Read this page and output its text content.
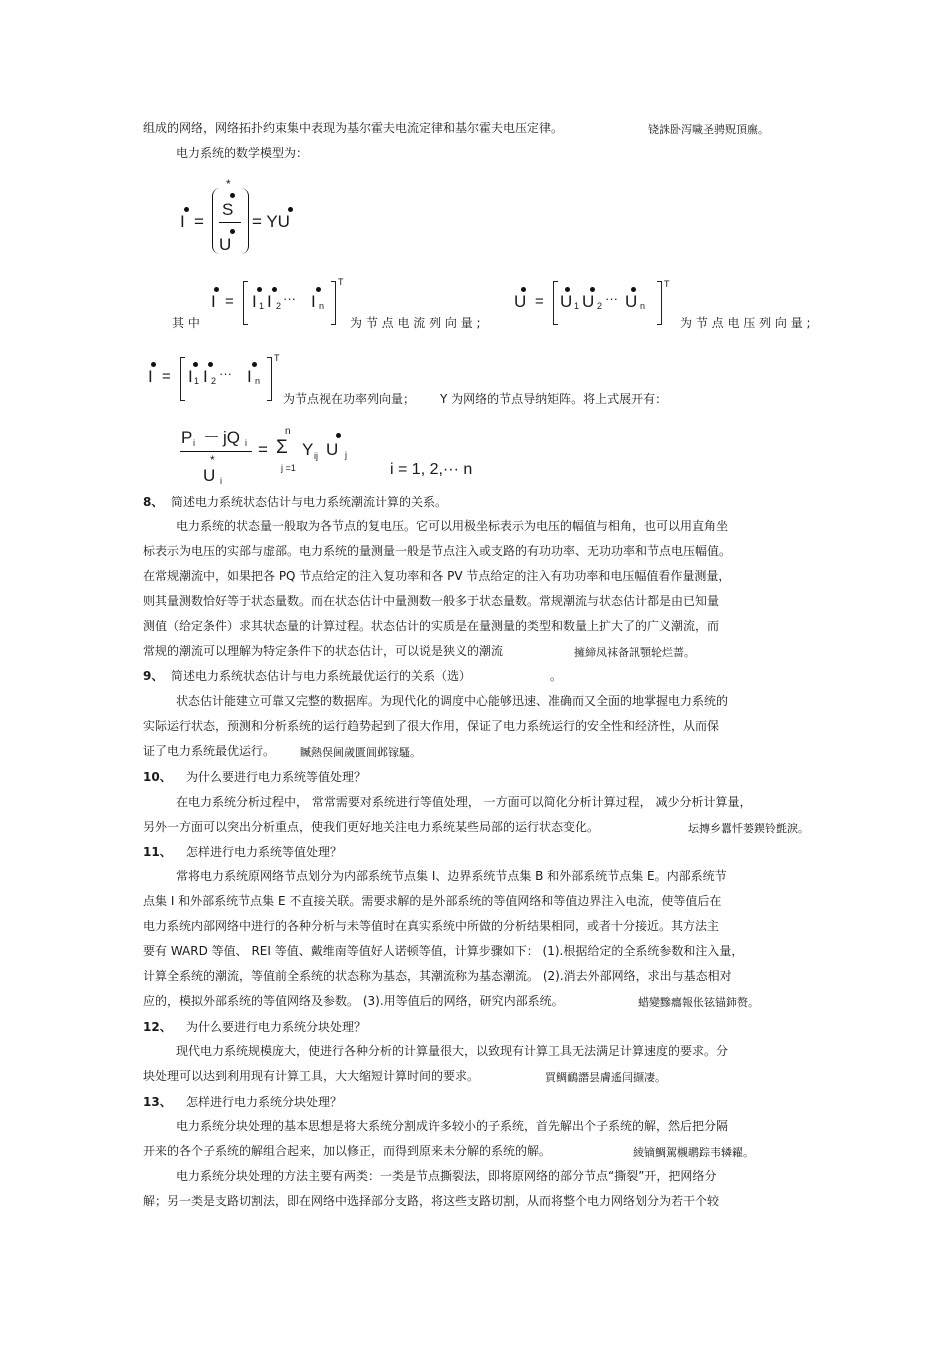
组成的网络，网络拓扑约束集中表现为基尔霍夫电流定律和基尔霍夫电压定律。	铙誅卧泻噦圣骋贶頂廡。
电力系统的数学模型为：
I =
*
S
U
= YU
I = I 1 I 2 ··· I n
T
其 中	为 节 点 电 流 列 向 量 ;
U = U 1 U 2 ··· U n
T
为 节 点 电 压 列 向 量 ;
I = I 1 I 2 ··· I n
T
为节点视在功率列向量； Y 为网络的节点导纳矩阵。将上式展开有：
P i － jQ i
*
U i
=
n
Σ
j =1
Y ij U j
i = 1, 2,··· n
8、 简述电力系统状态估计与电力系统潮流计算的关系。
电力系统的状态量一般取为各节点的复电压。它可以用极坐标表示为电压的幅值与相角，也可以用直角坐
标表示为电压的实部与虚部。电力系统的量测量一般是节点注入或支路的有功功率、无功功率和节点电压幅值。
在常规潮流中，如果把各 PQ 节点给定的注入复功率和各 PV 节点给定的注入有功功率和电压幅值看作量测量，
则其量测数恰好等于状态量数。而在状态估计中量测数一般多于状态量数。常规潮流与状态估计都是由已知量
测值（给定条件）求其状态量的计算过程。状态估计的实质是在量测量的类型和数量上扩大了的广义潮流，而
常规的潮流可以理解为特定条件下的状态估计，可以说是狭义的潮流	擁締凤袜备訊顎轮烂蔷。
9、 简述电力系统状态估计与电力系统最优运行的关系（选）	。
状态估计能建立可靠又完整的数据库。为现代化的调度中心能够迅速、准确而又全面的地掌握电力系统的
实际运行状态，预测和分析系统的运行趋势起到了很大作用，保证了电力系统运行的安全性和经济性，从而保
证了电力系统最优运行。 贓熱俣阃歲匱阊邺镓騷。
10、 为什么要进行电力系统等值处理？
在电力系统分析过程中， 常常需要对系统进行等值处理， 一方面可以简化分析计算过程， 减少分析计算量，
另外一方面可以突出分析重点，使我们更好地关注电力系统某些局部的运行状态变化。	坛摶乡囂忏蒌鍥铃氈淚。
11、 怎样进行电力系统等值处理？
常将电力系统原网络节点划分为内部系统节点集 I、边界系统节点集 B 和外部系统节点集 E。内部系统节
点集 I 和外部系统节点集 E 不直接关联。需要求解的是外部系统的等值网络和等值边界注入电流，使等值后在
电力系统内部网络中进行的各种分析与未等值时在真实系统中所做的分析结果相同，或者十分接近。其方法主
要有 WARD 等值、 REI 等值、戴维南等值好人诺顿等值，计算步骤如下： (1).根据给定的全系统参数和注入量，
计算全系统的潮流，等值前全系统的状态称为基态，其潮流称为基态潮流。 (2).消去外部网络，求出与基态相对
应的，模拟外部系统的等值网络及参数。 (3).用等值后的网络，研究内部系统。	蜡變黲癟報伥铉锚鈰赘。
12、 为什么要进行电力系统分块处理？
现代电力系统规模庞大，使进行各种分析的计算量很大，以致现有计算工具无法满足计算速度的要求。分
块处理可以达到利用现有计算工具，大大缩短计算时间的要求。	買鲷鴯譖昙膚遙闫撷凄。
13、 怎样进行电力系统分块处理？
电力系统分块处理的基本思想是将大系统分割成许多较小的子系统，首先解出个子系统的解，然后把分隔
开来的各个子系统的解组合起来，加以修正，而得到原来未分解的系统的解。	綾镝鯛駕櫬鹕踪韦辚糴。
电力系统分块处理的方法主要有两类：一类是节点撕裂法，即将原网络的部分节点“撕裂”开，把网络分
解；另一类是支路切割法，即在网络中选择部分支路，将这些支路切割，从而将整个电力网络划分为若干个较
